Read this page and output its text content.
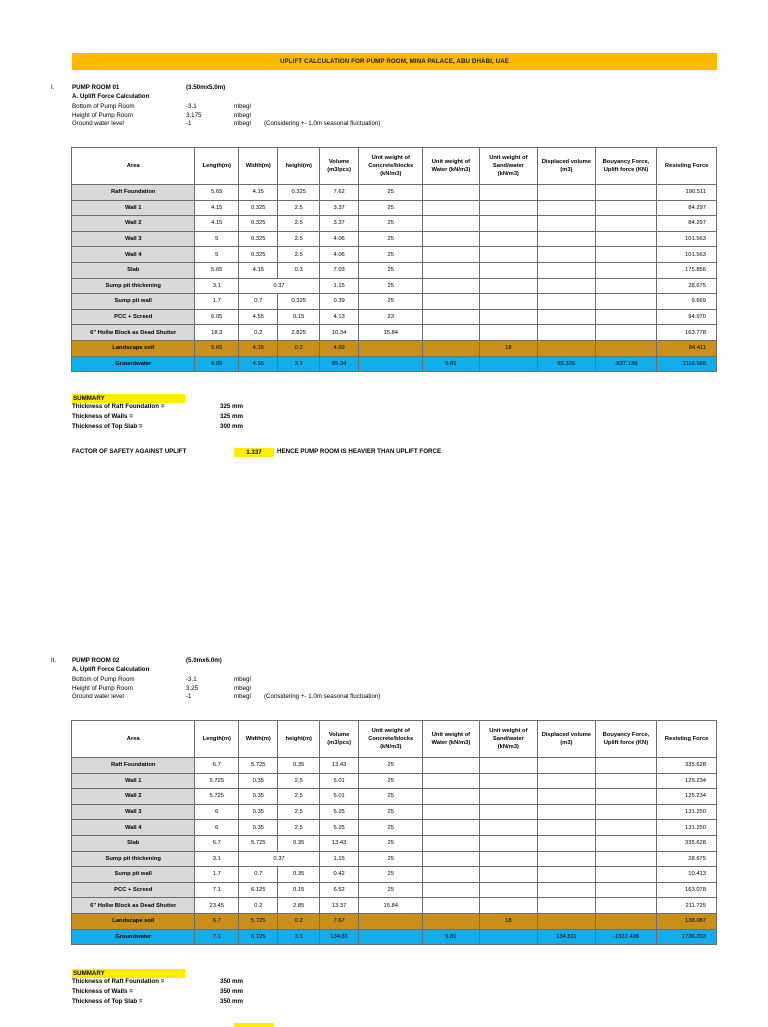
UPLIFT CALCULATION FOR PUMP ROOM, MINA PALACE, ABU DHABI, UAE
I.	PUMP ROOM 01	(3.50mx5.0m)
A. Uplift Force Calculation
Bottom of Pump Room	-3.1	mbegl
Height of Pump Room	3.175	mbegl
Ground water level	-1	mbegl (Considering +- 1.0m seasonal fluctuation)
Area	Length(m)	Width(m)	height(m)	Volume (m3/pcs)	Unit weight of Concrete/blocks (kN/m3)	Unit weight of Water (kN/m3)	Unit weight of Sand/water (kN/m3)	Displaced volume (m3)	Bouyancy Force, Uplift force (KN)	Resisting Force
Raft Foundation	5.65	4.15	0.325	7.62	25					190.511
Wall 1	4.15	0.325	2.5	3.37	25					84.297
Wall 2	4.15	0.325	2.5	3.37	25					84.297
Wall 3	5	0.325	2.5	4.06	25					101.563
Wall 4	5	0.325	2.5	4.06	25					101.563
Slab	5.65	4.15	0.3	7.03	25					175.856
Sump pit thickening	3.1	0.37		1.15	25					28.675
Sump pit wall	1.7	0.7	0.325	0.39	25					9.669
PCC + Screed	6.05	4.55	0.15	4.13	23					94.970
6" Hollw Block as Dead Shutter	18.3	0.2	2.825	10.34	15.84					163.778
Landscape soil	5.65	4.15	0.2	4.69			18			84.411
Groundwater	6.05	4.55	3.1	85.34		9.81		85.335	-837.139	1119.588
SUMMARY
Thickness of Raft Foundation =	325 mm
Thickness of Walls =	325 mm
Thickness of Top Slab =	300 mm
FACTOR OF SAFETY AGAINST UPLIFT	1.337	HENCE PUMP ROOM IS HEAVIER THAN UPLIFT FORCE
II.	PUMP ROOM 02	(5.0mx6.0m)
A. Uplift Force Calculation
Bottom of Pump Room	-3.1	mbegl
Height of Pump Room	3.25	mbegl
Ground water level	-1	mbegl (Considering +- 1.0m seasonal fluctuation)
Area	Length(m)	Width(m)	height(m)	Volume (m3/pcs)	Unit weight of Concrete/blocks (kN/m3)	Unit weight of Water (kN/m3)	Unit weight of Sand/water (kN/m3)	Displaced volume (m3)	Bouyancy Force, Uplift force (KN)	Resisting Force
Raft Foundation	6.7	5.725	0.35	13.43	25					335.628
Wall 1	5.725	0.35	2.5	5.01	25					125.234
Wall 2	5.725	0.35	2.5	5.01	25					125.234
Wall 3	6	0.35	2.5	5.25	25					131.250
Wall 4	6	0.35	2.5	5.25	25					131.250
Slab	6.7	5.725	0.35	13.43	25					335.628
Sump pit thickening	3.1	0.37		1.15	25					28.675
Sump pit wall	1.7	0.7	0.35	0.42	25					10.413
PCC + Screed	7.1	6.125	0.15	6.52	25					163.078
6" Hollw Block as Dead Shutter	23.45	0.2	2.85	13.37	15.84					211.725
Landscape soil	6.7	5.725	0.2	7.67			18			138.087
Groundwater	7.1	6.125	3.1	134.81		9.81		134.811	-1322.498	1736.203
SUMMARY
Thickness of Raft Foundation =	350 mm
Thickness of Walls =	350 mm
Thickness of Top Slab =	350 mm
